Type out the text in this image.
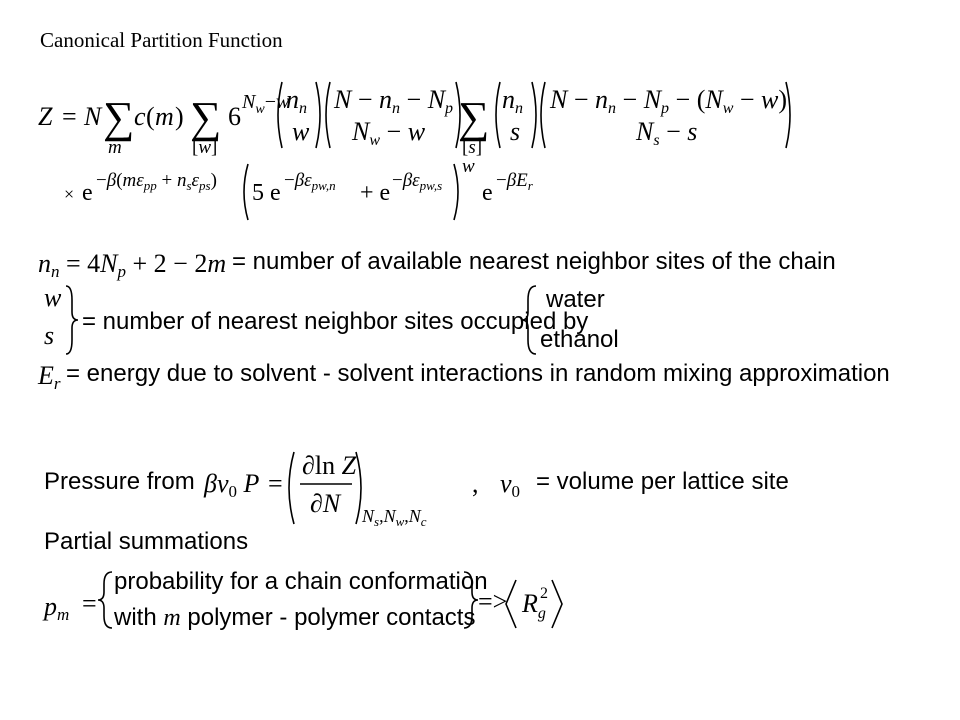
Canonical Partition Function
Z = N ∑
m
c ( m ) ∑
[w]
6 $N_w-w$
nn
w
N − nn − Np
Nw − w ∑
[s]
nn
s
N − nn − Np − (Nw − w)
Ns − s
× $e -\beta(m\varepsilon_{pp} + n_s\varepsilon_{ps})$ 5 $e -\beta\varepsilon_{pw,n} + e -\beta\varepsilon_{pw,s}$
w
$e -\beta E_r$
nn = 4Np + 2 − 2m
w
s
Er
βv0 P =
∂ln Z
∂N $N_s,N_w,N_c$
, v0
pm =	=> $R_g$
2
= number of available nearest neighbor sites of the chain
= number of nearest neighbor sites occupied by
water
ethanol
= energy due to solvent - solvent interactions in random mixing approximation
Pressure from	= volume per lattice site
Partial summations
probability for a chain conformation
with m polymer - polymer contacts
